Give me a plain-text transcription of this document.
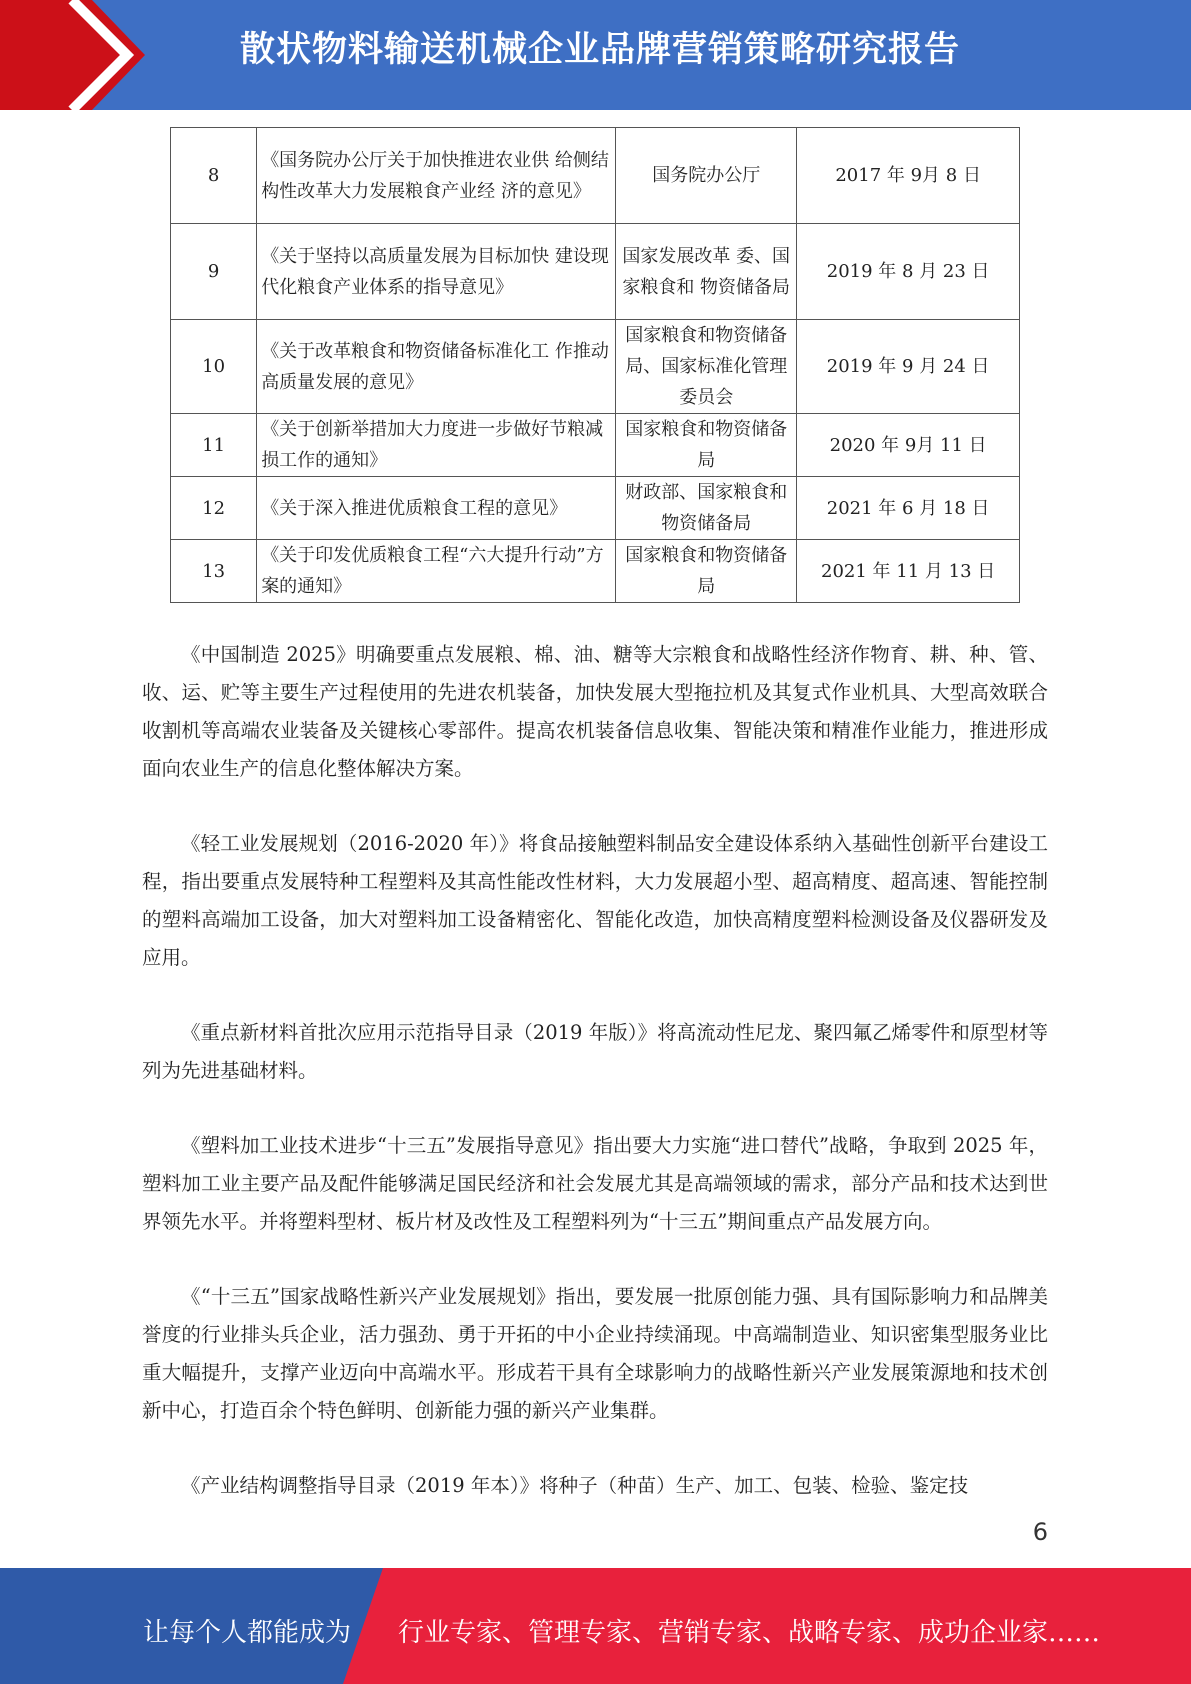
散状物料输送机械企业品牌营销策略研究报告
8	《国务院办公厅关于加快推进农业供 给侧结构性改革大力发展粮食产业经 济的意见》	国务院办公厅	2017 年 9月 8 日
9	《关于坚持以高质量发展为目标加快 建设现代化粮食产业体系的指导意见》	国家发展改革 委、国家粮食和 物资储备局	2019 年 8 月 23 日
10	《关于改革粮食和物资储备标准化工 作推动高质量发展的意见》	国家粮食和物资储备局、国家标准化管理委员会	2019 年 9 月 24 日
11	《关于创新举措加大力度进一步做好节粮减损工作的通知》	国家粮食和物资储备局	2020 年 9月 11 日
12	《关于深入推进优质粮食工程的意见》	财政部、国家粮食和物资储备局	2021 年 6 月 18 日
13	《关于印发优质粮食工程“六大提升行动”方案的通知》	国家粮食和物资储备局	2021 年 11 月 13 日

《中国制造 2025》明确要重点发展粮、棉、油、糖等大宗粮食和战略性经济作物育、耕、种、管、收、运、贮等主要生产过程使用的先进农机装备，加快发展大型拖拉机及其复式作业机具、大型高效联合收割机等高端农业装备及关键核心零部件。提高农机装备信息收集、智能决策和精准作业能力，推进形成面向农业生产的信息化整体解决方案。

《轻工业发展规划（2016-2020 年）》将食品接触塑料制品安全建设体系纳入基础性创新平台建设工程，指出要重点发展特种工程塑料及其高性能改性材料，大力发展超小型、超高精度、超高速、智能控制的塑料高端加工设备，加大对塑料加工设备精密化、智能化改造，加快高精度塑料检测设备及仪器研发及应用。

《重点新材料首批次应用示范指导目录（2019 年版）》将高流动性尼龙、聚四氟乙烯零件和原型材等列为先进基础材料。

《塑料加工业技术进步“十三五”发展指导意见》指出要大力实施“进口替代”战略，争取到 2025 年，塑料加工业主要产品及配件能够满足国民经济和社会发展尤其是高端领域的需求，部分产品和技术达到世界领先水平。并将塑料型材、板片材及改性及工程塑料列为“十三五”期间重点产品发展方向。

《“十三五”国家战略性新兴产业发展规划》指出，要发展一批原创能力强、具有国际影响力和品牌美誉度的行业排头兵企业，活力强劲、勇于开拓的中小企业持续涌现。中高端制造业、知识密集型服务业比重大幅提升，支撑产业迈向中高端水平。形成若干具有全球影响力的战略性新兴产业发展策源地和技术创新中心，打造百余个特色鲜明、创新能力强的新兴产业集群。

《产业结构调整指导目录（2019 年本）》将种子（种苗）生产、加工、包装、检验、鉴定技

6
让每个人都能成为 行业专家、管理专家、营销专家、战略专家、成功企业家……
